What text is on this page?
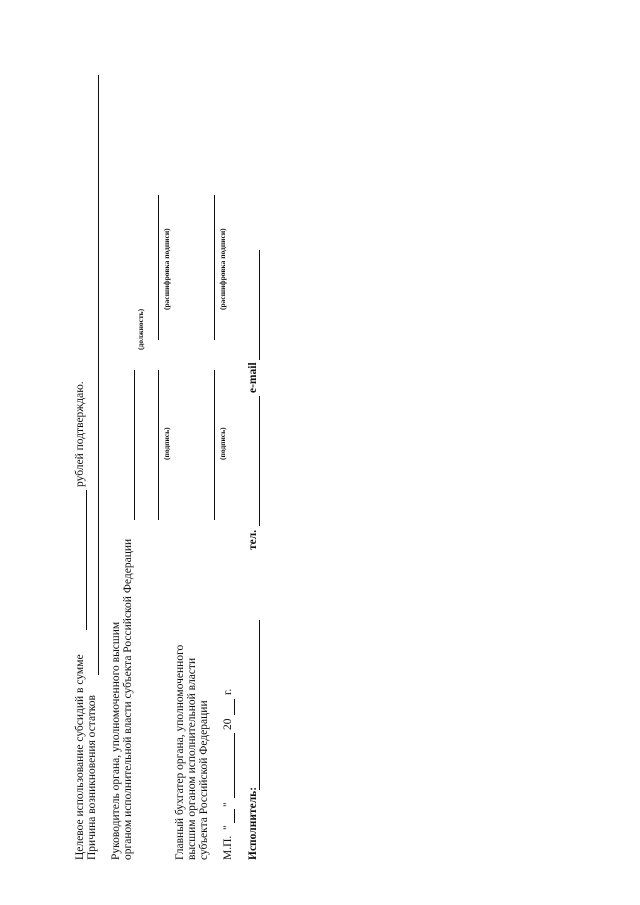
Целевое использование субсидий в сумме
рублей подтверждаю.
Причина возникновения остатков Руководитель органа, уполномоченного высшим органом исполнительной власти субъекта Российской Федерации
(должность)
(подпись)
(расшифровка подписи)
Главный бухгатер органа, уполномоченного высшим органом исполнительной власти субъекта Российской Федерации
(подпись)
(расшифровка подписи)
М.П.
"
"
20
г.
Исполнитель:
тел.
e-mail
